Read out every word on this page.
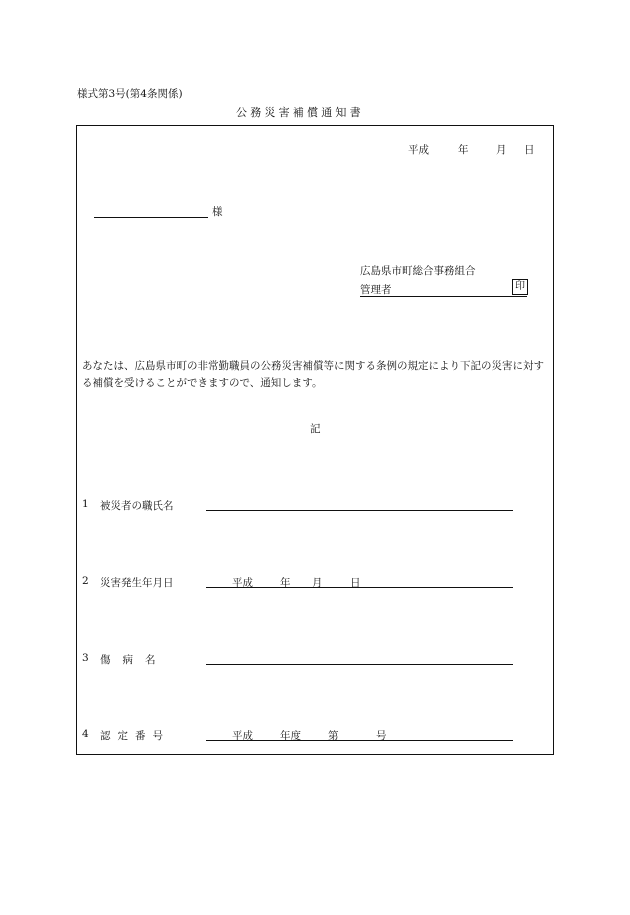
様式第3号(第4条関係)
公務災害補償通知書
平成	年	月 日
様
広島県市町総合事務組合
管理者	印
あなたは、広島県市町の非常勤職員の公務災害補償等に関する条例の規定により下記の災害に対する補償を受けることができますので、通知します。
記
1 被災者の職氏名
2 災害発生年月日	平成	年 月	日
3 傷病名
4 認定番号	平成	年度	第	号
